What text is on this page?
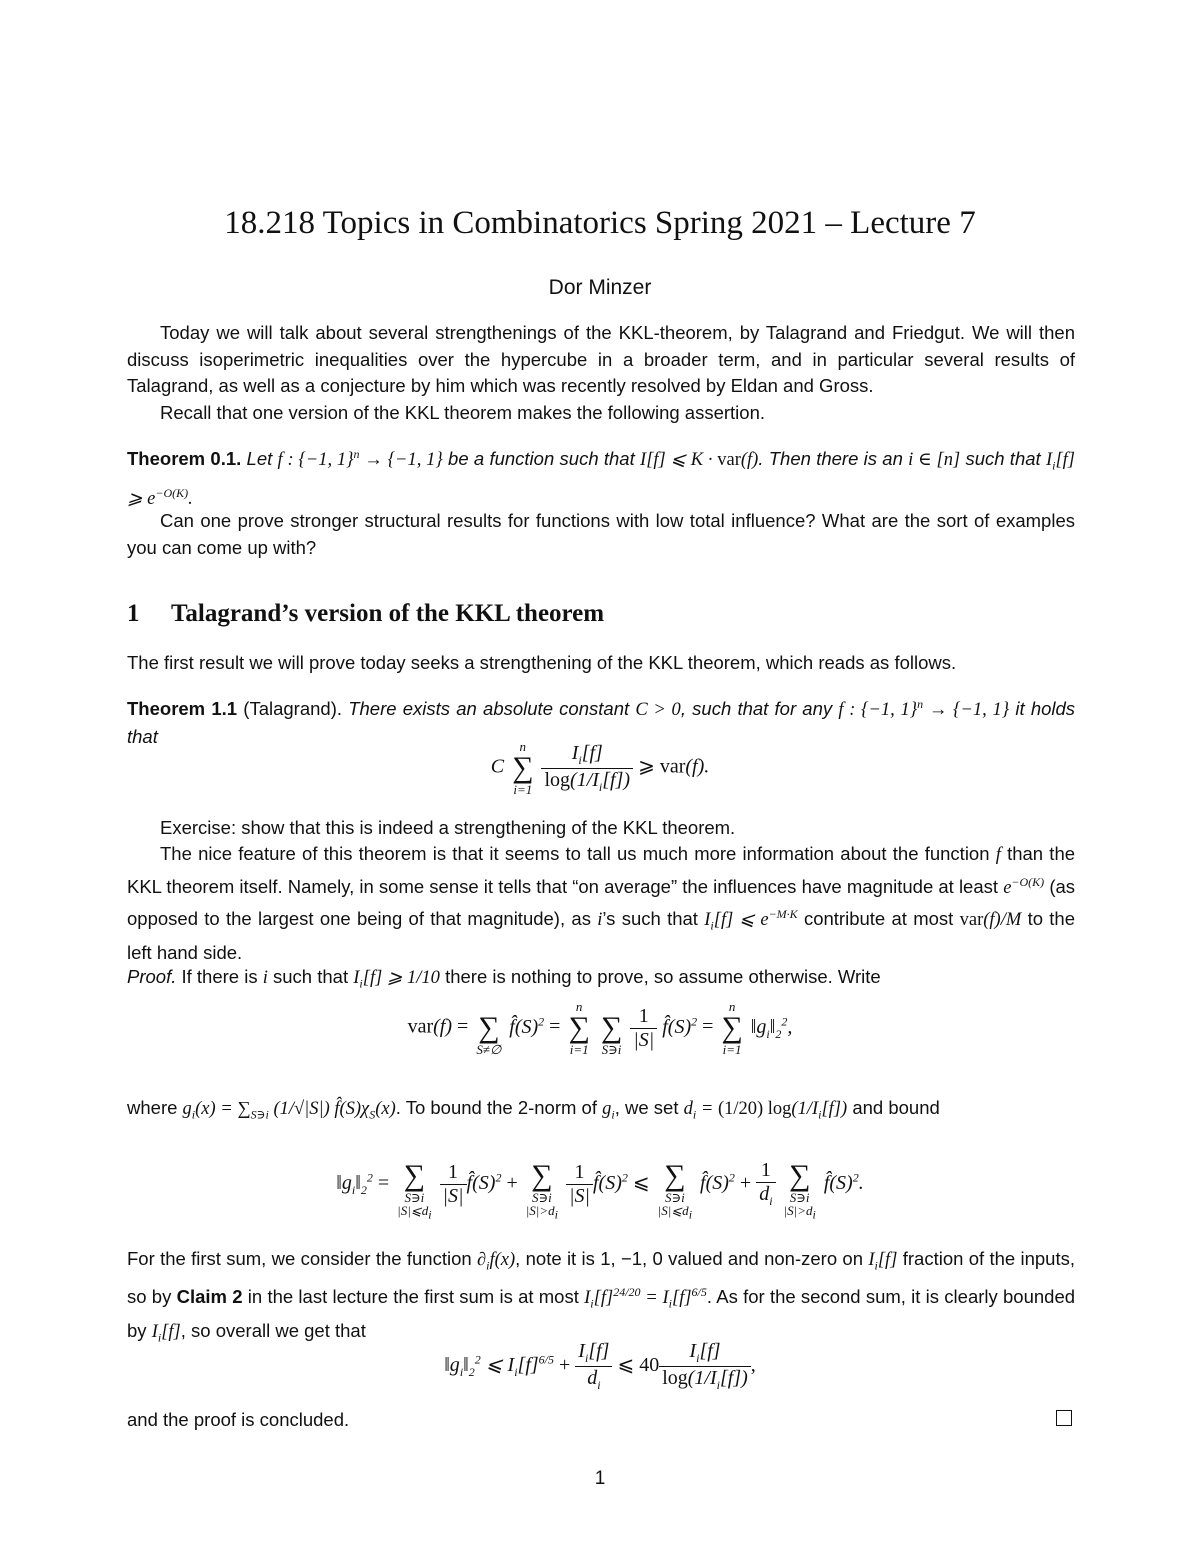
18.218 Topics in Combinatorics Spring 2021 – Lecture 7
Dor Minzer
Today we will talk about several strengthenings of the KKL-theorem, by Talagrand and Friedgut. We will then discuss isoperimetric inequalities over the hypercube in a broader term, and in particular several results of Talagrand, as well as a conjecture by him which was recently resolved by Eldan and Gross.
Recall that one version of the KKL theorem makes the following assertion.
Theorem 0.1. Let f : {−1, 1}$^n$ → {−1, 1} be a function such that I[f] ⩽ K · var(f). Then there is an i ∈ [n] such that $I_i[f]$ ⩾ $e^{-O(K)}$.
Can one prove stronger structural results for functions with low total influence? What are the sort of examples you can come up with?
1 Talagrand’s version of the KKL theorem
The first result we will prove today seeks a strengthening of the KKL theorem, which reads as follows.
Theorem 1.1 (Talagrand). There exists an absolute constant C > 0, such that for any f : {−1, 1}$^n$ → {−1, 1} it holds that
C
n
∑
i=1
$\frac{I_i[f]}{\log(1/I_i[f])}$ ⩾ var(f).
Exercise: show that this is indeed a strengthening of the KKL theorem.
The nice feature of this theorem is that it seems to tall us much more information about the function f than the KKL theorem itself. Namely, in some sense it tells that “on average” the influences have magnitude at least $e^{-O(K)}$ (as opposed to the largest one being of that magnitude), as i’s such that $I_i[f]$ ⩽ $e^{-M\cdot K}$ contribute at most var(f)/M to the left hand side.
Proof. If there is i such that $I_i[f]$ ⩾ 1/10 there is nothing to prove, so assume otherwise. Write
var(f) =
∑
S≠∅
$f̂(S)^2$ =
n
∑
i=1

∑
S∋i
$\frac{1}{|S|}$ $f̂(S)^2$ =
n
∑
i=1
$‖g_i‖_2^2$,
where $g_i(x) = \sum_{S∋i}$ (1/√|S|) $f̂(S)\chi_S(x)$. To bound the 2-norm of $g_i$, we set $d_i = (1/20)$ $\log(1/I_i[f])$ and bound
$‖g_i‖_2^2$ =
∑
S∋i
$|S|⩽d_i$

$\frac{1}{|S|}$ $f̂(S)^2$ +
∑
S∋i
$|S|>d_i$

$\frac{1}{|S|}$ $f̂(S)^2$ ⩽
∑
S∋i
$|S|⩽d_i$
$f̂(S)^2 + \frac{1}{d_i}$

∑
S∋i
$|S|>d_i$
$f̂(S)^2$.
For the first sum, we consider the function $\partial_if(x)$, note it is 1, −1, 0 valued and non-zero on $I_i[f]$ fraction of the inputs, so by Claim 2 in the last lecture the first sum is at most $I_i[f]^{24/20} = I_i[f]^{6/5}$. As for the second sum, it is clearly bounded by $I_i[f]$, so overall we get that
$‖g_i‖_2^2$ ⩽ $I_i[f]^{6/5} + \frac{I_i[f]}{d_i}$ ⩽ $40 \frac{I_i[f]}{\log(1/I_i[f])}$ ,
and the proof is concluded.
1
